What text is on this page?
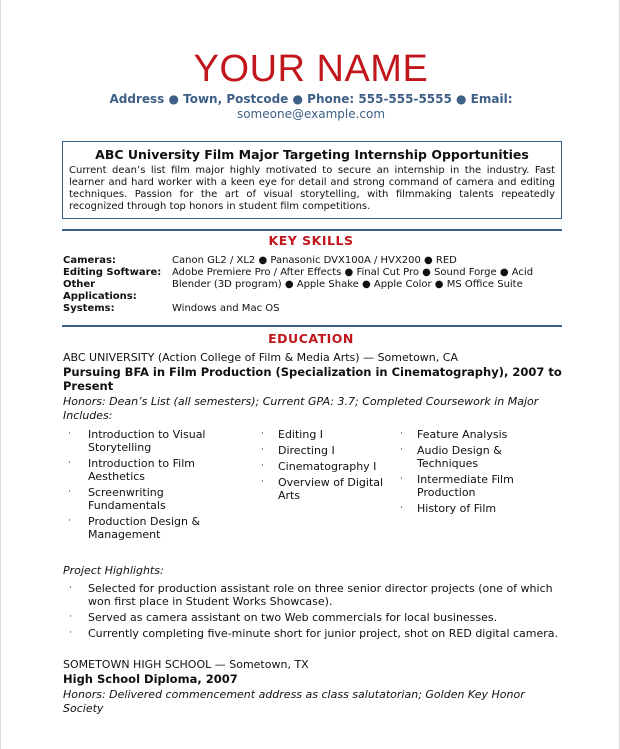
YOUR NAME
Address ● Town, Postcode ● Phone: 555-555-5555 ● Email:
someone@example.com
ABC University Film Major Targeting Internship Opportunities
Current dean’s list film major highly motivated to secure an internship in the industry. Fast learner and hard worker with a keen eye for detail and strong command of camera and editing techniques. Passion for the art of visual storytelling, with filmmaking talents repeatedly recognized through top honors in student film competitions.
KEY SKILLS
Cameras:	Canon GL2 / XL2 ● Panasonic DVX100A / HVX200 ● RED
Editing Software:	Adobe Premiere Pro / After Effects ● Final Cut Pro ● Sound Forge ● Acid
Other Applications:
Blender (3D program) ● Apple Shake ● Apple Color ● MS Office Suite
Systems:	Windows and Mac OS
EDUCATION
ABC UNIVERSITY (Action College of Film & Media Arts) — Sometown, CA
Pursuing BFA in Film Production (Specialization in Cinematography), 2007 to Present
Honors: Dean’s List (all semesters); Current GPA: 3.7; Completed Coursework in Major Includes:
· Introduction to Visual Storytelling
· Introduction to Film Aesthetics
· Screenwriting Fundamentals
· Production Design & Management
· Editing I
· Directing I
· Cinematography I
· Overview of Digital Arts
· Feature Analysis
· Audio Design & Techniques
· Intermediate Film Production
· History of Film
Project Highlights:
· Selected for production assistant role on three senior director projects (one of which won first place in Student Works Showcase).
· Served as camera assistant on two Web commercials for local businesses.
· Currently completing five-minute short for junior project, shot on RED digital camera.
SOMETOWN HIGH SCHOOL — Sometown, TX
High School Diploma, 2007
Honors: Delivered commencement address as class salutatorian; Golden Key Honor Society
